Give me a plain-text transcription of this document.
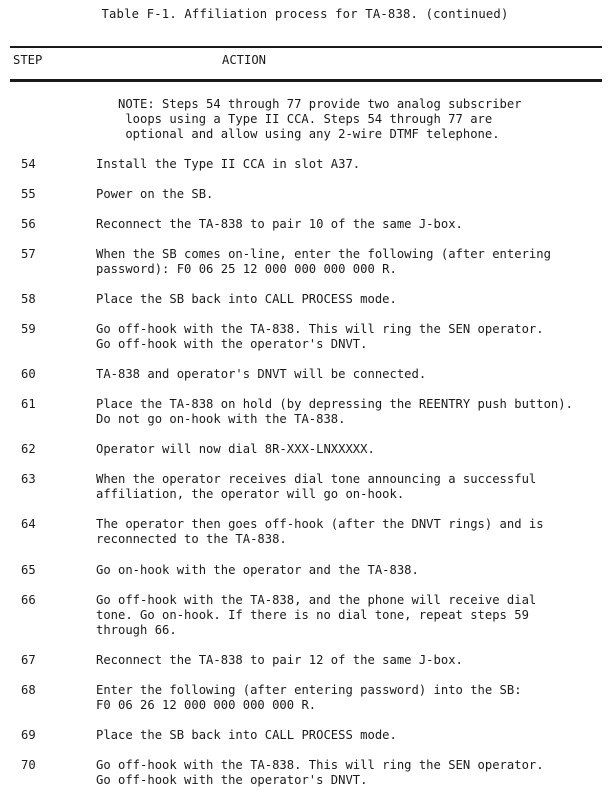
Table F-1. Affiliation process for TA-838. (continued)
STEP	ACTION
NOTE: Steps 54 through 77 provide two analog subscriber
loops using a Type II CCA. Steps 54 through 77 are
optional and allow using any 2-wire DTMF telephone.
54	Install the Type II CCA in slot A37.
55	Power on the SB.
56	Reconnect the TA-838 to pair 10 of the same J-box.
57	When the SB comes on-line, enter the following (after entering
password): F0 06 25 12 000 000 000 000 R.
58	Place the SB back into CALL PROCESS mode.
59	Go off-hook with the TA-838. This will ring the SEN operator.
Go off-hook with the operator's DNVT.
60	TA-838 and operator's DNVT will be connected.
61	Place the TA-838 on hold (by depressing the REENTRY push button).
Do not go on-hook with the TA-838.
62	Operator will now dial 8R-XXX-LNXXXXX.
63	When the operator receives dial tone announcing a successful
affiliation, the operator will go on-hook.
64	The operator then goes off-hook (after the DNVT rings) and is
reconnected to the TA-838.
65	Go on-hook with the operator and the TA-838.
66	Go off-hook with the TA-838, and the phone will receive dial
tone. Go on-hook. If there is no dial tone, repeat steps 59
through 66.
67	Reconnect the TA-838 to pair 12 of the same J-box.
68	Enter the following (after entering password) into the SB:
F0 06 26 12 000 000 000 000 R.
69	Place the SB back into CALL PROCESS mode.
70	Go off-hook with the TA-838. This will ring the SEN operator.
Go off-hook with the operator's DNVT.
